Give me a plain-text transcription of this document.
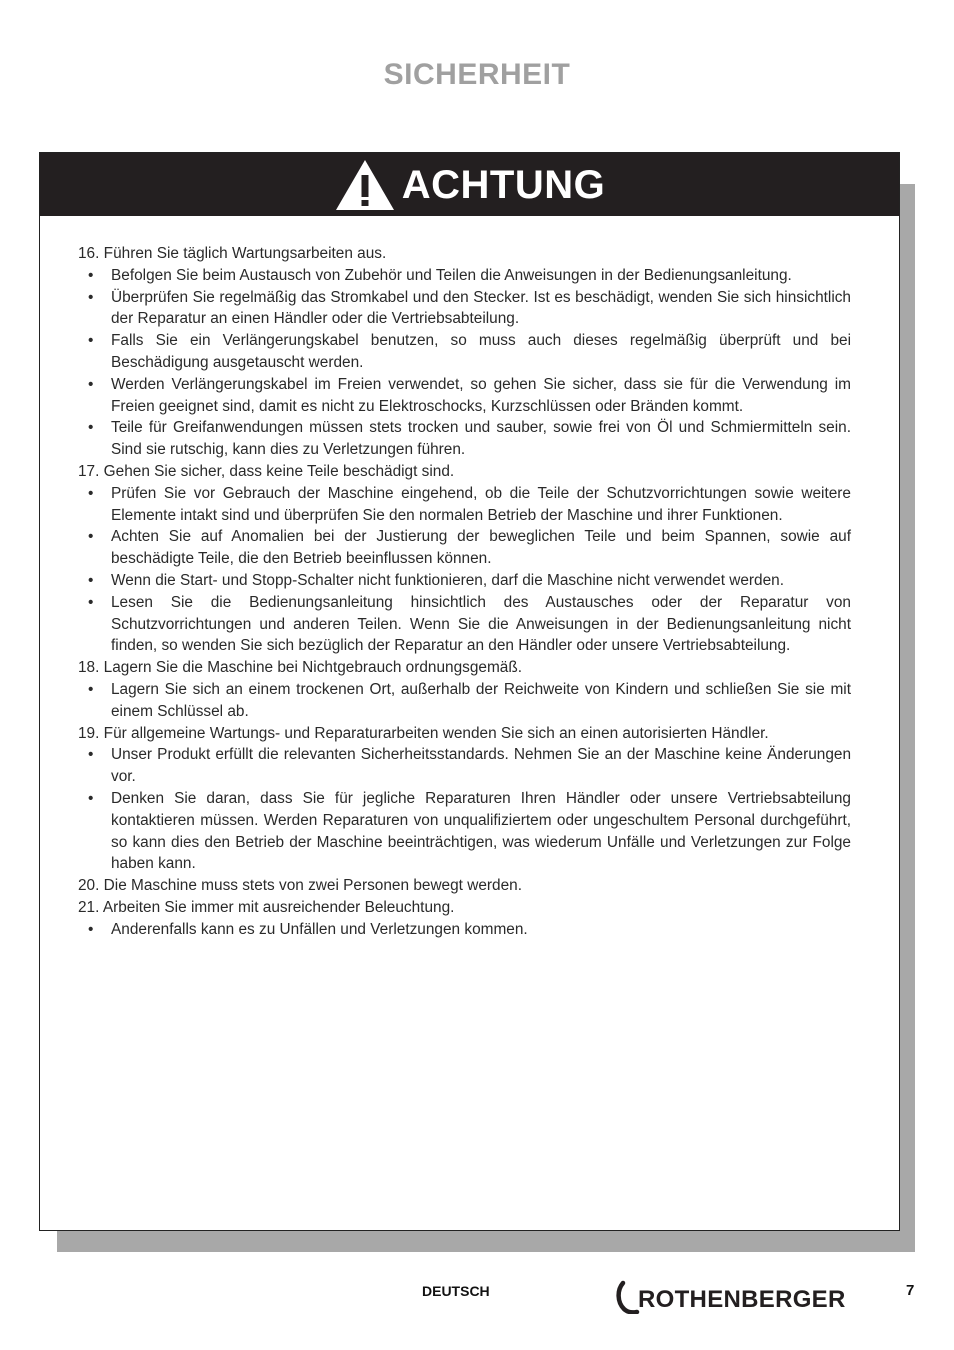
SICHERHEIT
ACHTUNG
16. Führen Sie täglich Wartungsarbeiten aus.
• Befolgen Sie beim Austausch von Zubehör und Teilen die Anweisungen in der Bedienungsanleitung.
• Überprüfen Sie regelmäßig das Stromkabel und den Stecker. Ist es beschädigt, wenden Sie sich hinsichtlich der Reparatur an einen Händler oder die Vertriebsabteilung.
• Falls Sie ein Verlängerungskabel benutzen, so muss auch dieses regelmäßig überprüft und bei Beschädigung ausgetauscht werden.
• Werden Verlängerungskabel im Freien verwendet, so gehen Sie sicher, dass sie für die Verwendung im Freien geeignet sind, damit es nicht zu Elektroschocks, Kurzschlüssen oder Bränden kommt.
• Teile für Greifanwendungen müssen stets trocken und sauber, sowie frei von Öl und Schmiermitteln sein. Sind sie rutschig, kann dies zu Verletzungen führen.
17. Gehen Sie sicher, dass keine Teile beschädigt sind.
• Prüfen Sie vor Gebrauch der Maschine eingehend, ob die Teile der Schutzvorrichtungen sowie weitere Elemente intakt sind und überprüfen Sie den normalen Betrieb der Maschine und ihrer Funktionen.
• Achten Sie auf Anomalien bei der Justierung der beweglichen Teile und beim Spannen, sowie auf beschädigte Teile, die den Betrieb beeinflussen können.
• Wenn die Start- und Stopp-Schalter nicht funktionieren, darf die Maschine nicht verwendet werden.
• Lesen Sie die Bedienungsanleitung hinsichtlich des Austausches oder der Reparatur von Schutzvorrichtungen und anderen Teilen. Wenn Sie die Anweisungen in der Bedienungsanleitung nicht finden, so wenden Sie sich bezüglich der Reparatur an den Händler oder unsere Vertriebsabteilung.
18. Lagern Sie die Maschine bei Nichtgebrauch ordnungsgemäß.
• Lagern Sie sich an einem trockenen Ort, außerhalb der Reichweite von Kindern und schließen Sie sie mit einem Schlüssel ab.
19. Für allgemeine Wartungs- und Reparaturarbeiten wenden Sie sich an einen autorisierten Händler.
• Unser Produkt erfüllt die relevanten Sicherheitsstandards. Nehmen Sie an der Maschine keine Änderungen vor.
• Denken Sie daran, dass Sie für jegliche Reparaturen Ihren Händler oder unsere Vertriebsabteilung kontaktieren müssen. Werden Reparaturen von unqualifiziertem oder ungeschultem Personal durchgeführt, so kann dies den Betrieb der Maschine beeinträchtigen, was wiederum Unfälle und Verletzungen zur Folge haben kann.
20. Die Maschine muss stets von zwei Personen bewegt werden.
21. Arbeiten Sie immer mit ausreichender Beleuchtung.
• Anderenfalls kann es zu Unfällen und Verletzungen kommen.
DEUTSCH	ROTHENBERGER	7
